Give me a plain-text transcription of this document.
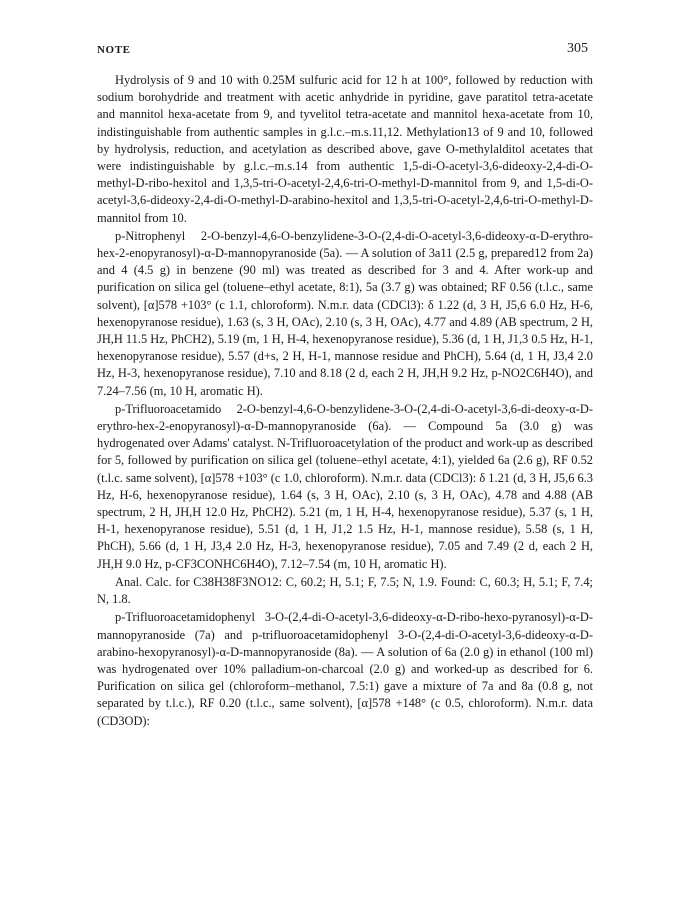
NOTE	305

Hydrolysis of 9 and 10 with 0.25M sulfuric acid for 12 h at 100°, followed by reduction with sodium borohydride and treatment with acetic anhydride in pyridine, gave paratitol tetra-acetate and mannitol hexa-acetate from 9, and tyvelitol tetra-acetate and mannitol hexa-acetate from 10, indistinguishable from authentic samples in g.l.c.–m.s.11,12. Methylation13 of 9 and 10, followed by hydrolysis, reduction, and acetylation as described above, gave O-methylalditol acetates that were indistinguishable by g.l.c.–m.s.14 from authentic 1,5-di-O-acetyl-3,6-dideoxy-2,4-di-O-methyl-D-ribo-hexitol and 1,3,5-tri-O-acetyl-2,4,6-tri-O-methyl-D-mannitol from 9, and 1,5-di-O-acetyl-3,6-dideoxy-2,4-di-O-methyl-D-arabino-hexitol and 1,3,5-tri-O-acetyl-2,4,6-tri-O-methyl-D-mannitol from 10.

p-Nitrophenyl 2-O-benzyl-4,6-O-benzylidene-3-O-(2,4-di-O-acetyl-3,6-dideoxy-α-D-erythro-hex-2-enopyranosyl)-α-D-mannopyranoside (5a). — A solution of 3a11 (2.5 g, prepared12 from 2a) and 4 (4.5 g) in benzene (90 ml) was treated as described for 3 and 4. After work-up and purification on silica gel (toluene–ethyl acetate, 8:1), 5a (3.7 g) was obtained; RF 0.56 (t.l.c., same solvent), [α]578 +103° (c 1.1, chloroform). N.m.r. data (CDCl3): δ 1.22 (d, 3 H, J5,6 6.0 Hz, H-6, hexenopyranose residue), 1.63 (s, 3 H, OAc), 2.10 (s, 3 H, OAc), 4.77 and 4.89 (AB spectrum, 2 H, JH,H 11.5 Hz, PhCH2), 5.19 (m, 1 H, H-4, hexenopyranose residue), 5.36 (d, 1 H, J1,3 0.5 Hz, H-1, hexenopyranose residue), 5.57 (d+s, 2 H, H-1, mannose residue and PhCH), 5.64 (d, 1 H, J3,4 2.0 Hz, H-3, hexenopyranose residue), 7.10 and 8.18 (2 d, each 2 H, JH,H 9.2 Hz, p-NO2C6H4O), and 7.24–7.56 (m, 10 H, aromatic H).

p-Trifluoroacetamido 2-O-benzyl-4,6-O-benzylidene-3-O-(2,4-di-O-acetyl-3,6-di-deoxy-α-D-erythro-hex-2-enopyranosyl)-α-D-mannopyranoside (6a). — Compound 5a (3.0 g) was hydrogenated over Adams' catalyst. N-Trifluoroacetylation of the product and work-up as described for 5, followed by purification on silica gel (toluene–ethyl acetate, 4:1), yielded 6a (2.6 g), RF 0.52 (t.l.c. same solvent), [α]578 +103° (c 1.0, chloroform). N.m.r. data (CDCl3): δ 1.21 (d, 3 H, J5,6 6.3 Hz, H-6, hexenopyranose residue), 1.64 (s, 3 H, OAc), 2.10 (s, 3 H, OAc), 4.78 and 4.88 (AB spectrum, 2 H, JH,H 12.0 Hz, PhCH2). 5.21 (m, 1 H, H-4, hexenopyranose residue), 5.37 (s, 1 H, H-1, hexenopyranose residue), 5.51 (d, 1 H, J1,2 1.5 Hz, H-1, mannose residue), 5.58 (s, 1 H, PhCH), 5.66 (d, 1 H, J3,4 2.0 Hz, H-3, hexenopyranose residue), 7.05 and 7.49 (2 d, each 2 H, JH,H 9.0 Hz, p-CF3CONHC6H4O), 7.12–7.54 (m, 10 H, aromatic H).

Anal. Calc. for C38H38F3NO12: C, 60.2; H, 5.1; F, 7.5; N, 1.9. Found: C, 60.3; H, 5.1; F, 7.4; N, 1.8.

p-Trifluoroacetamidophenyl 3-O-(2,4-di-O-acetyl-3,6-dideoxy-α-D-ribo-hexo-pyranosyl)-α-D-mannopyranoside (7a) and p-trifluoroacetamidophenyl 3-O-(2,4-di-O-acetyl-3,6-dideoxy-α-D-arabino-hexopyranosyl)-α-D-mannopyranoside (8a). — A solution of 6a (2.0 g) in ethanol (100 ml) was hydrogenated over 10% palladium-on-charcoal (2.0 g) and worked-up as described for 6. Purification on silica gel (chloroform–methanol, 7.5:1) gave a mixture of 7a and 8a (0.8 g, not separated by t.l.c.), RF 0.20 (t.l.c., same solvent), [α]578 +148° (c 0.5, chloroform). N.m.r. data (CD3OD):
